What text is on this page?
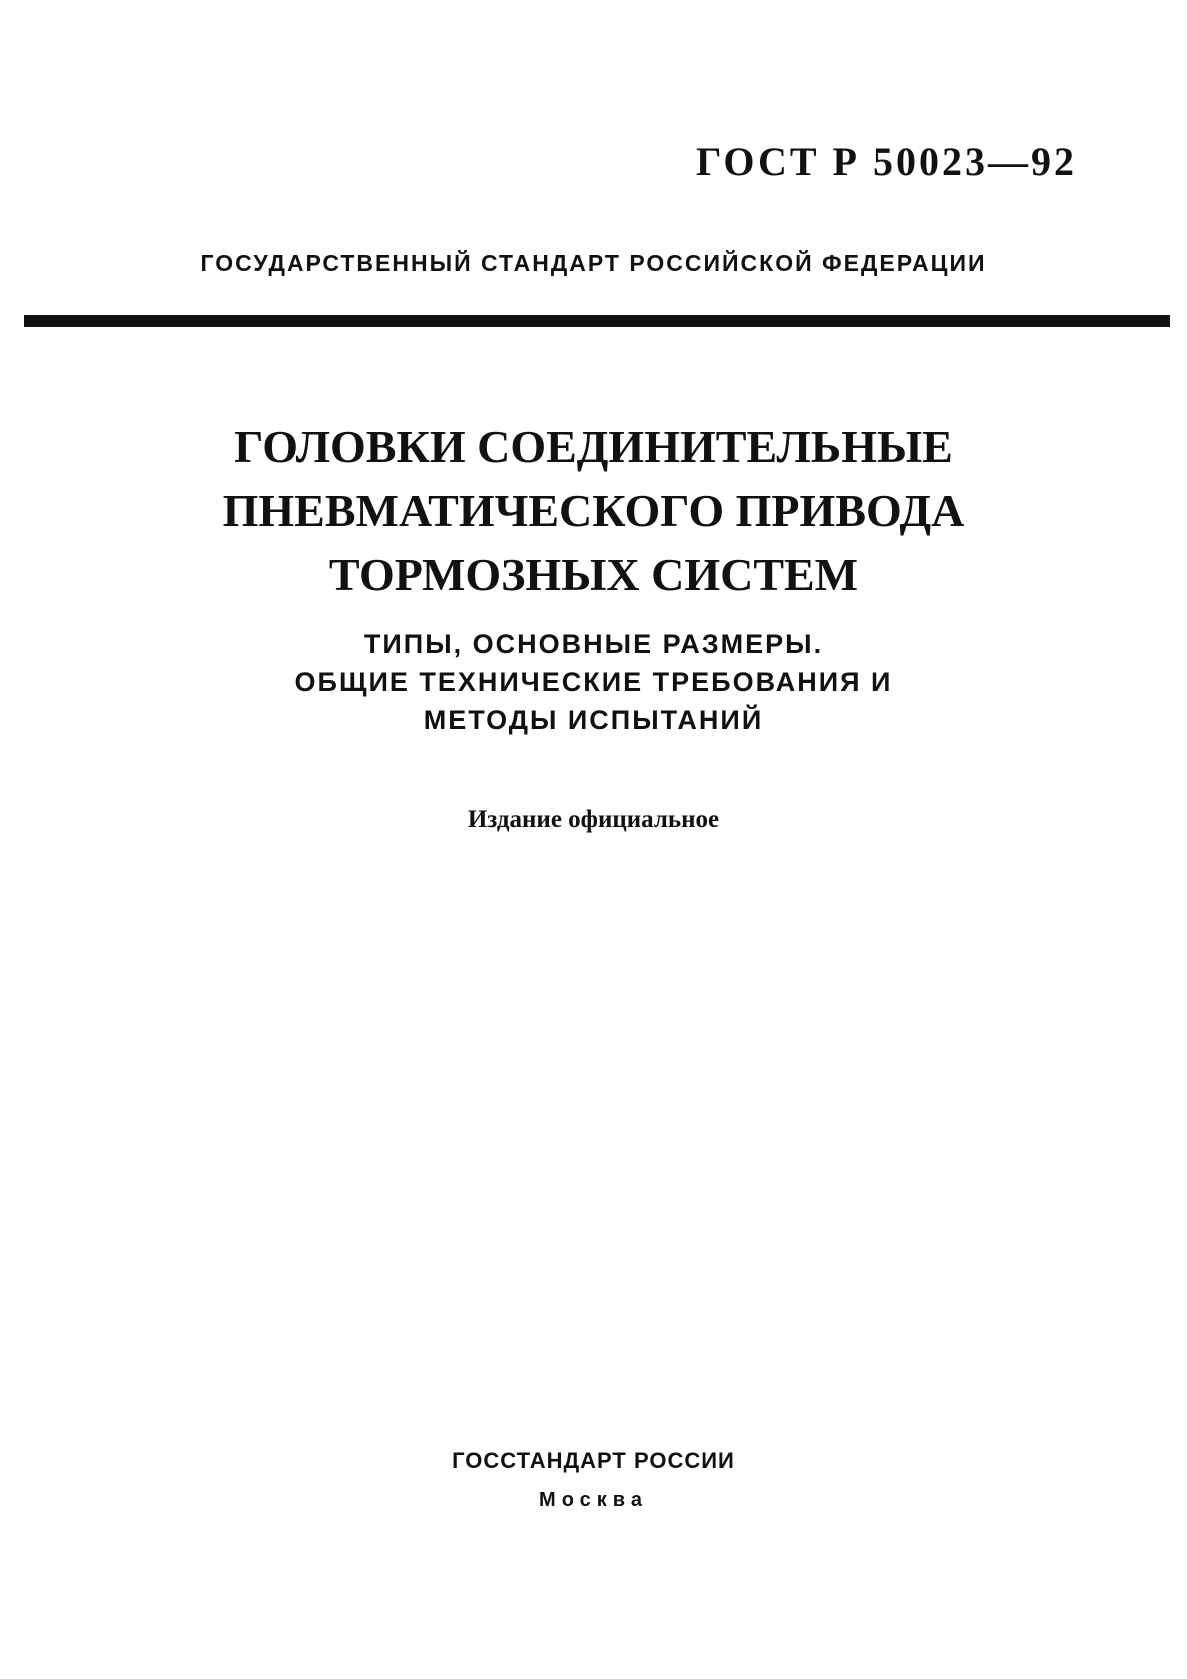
ГОСТ Р 50023—92
ГОСУДАРСТВЕННЫЙ СТАНДАРТ РОССИЙСКОЙ ФЕДЕРАЦИИ
ГОЛОВКИ СОЕДИНИТЕЛЬНЫЕ
ПНЕВМАТИЧЕСКОГО ПРИВОДА
ТОРМОЗНЫХ СИСТЕМ
ТИПЫ, ОСНОВНЫЕ РАЗМЕРЫ.
ОБЩИЕ ТЕХНИЧЕСКИЕ ТРЕБОВАНИЯ И
МЕТОДЫ ИСПЫТАНИЙ
Издание официальное
ГОССТАНДАРТ РОССИИ
Москва
